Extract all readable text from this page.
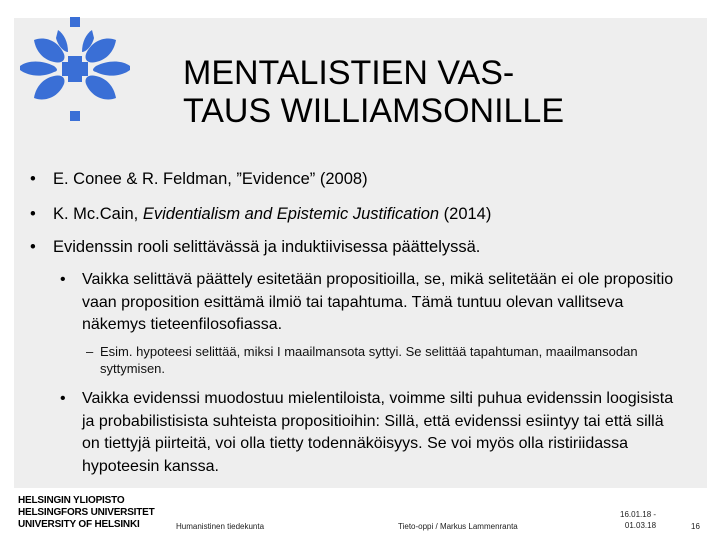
MENTALISTIEN VAS-
TAUS WILLIAMSONILLE
• E. Conee & R. Feldman, ”Evidence” (2008)
• K. Mc.Cain, Evidentialism and Epistemic Justification (2014)
• Evidenssin rooli selittävässä ja induktiivisessa päättelyssä.
• Vaikka selittävä päättely esitetään propositioilla, se, mikä selitetään ei ole propositio vaan proposition esittämä ilmiö tai tapahtuma. Tämä tuntuu olevan vallitseva näkemys tieteenfilosofiassa.
– Esim. hypoteesi selittää, miksi I maailmansota syttyi. Se selittää tapahtuman, maailmansodan syttymisen.
• Vaikka evidenssi muodostuu mielentiloista, voimme silti puhua evidenssin loogisista ja probabilistisista suhteista propositioihin: Sillä, että evidenssi esiintyy tai että sillä on tiettyjä piirteitä, voi olla tietty todennäköisyys. Se voi myös olla ristiriidassa hypoteesin kanssa.
HELSINGIN YLIOPISTO
HELSINGFORS UNIVERSITET
UNIVERSITY OF HELSINKI	Humanistinen tiedekunta	Tieto-oppi / Markus Lammenranta
16.01.18 -
01.03.18	16
